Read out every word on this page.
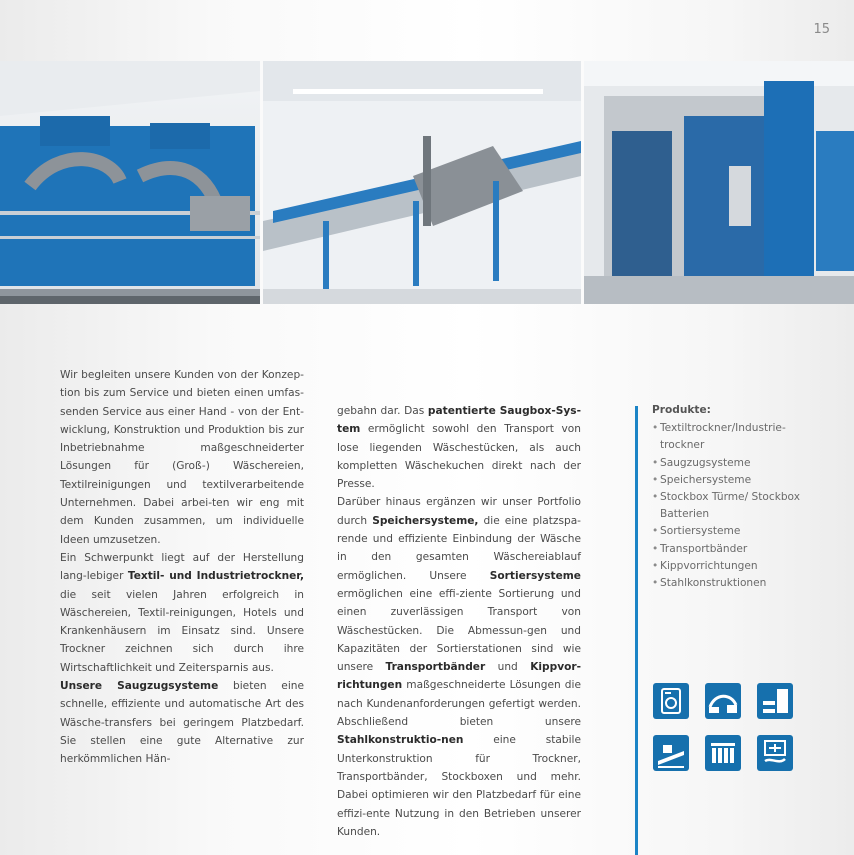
15

Wir begleiten unsere Kunden von der Konzep-tion bis zum Service und bieten einen umfas-senden Service aus einer Hand - von der Ent-wicklung, Konstruktion und Produktion bis zur Inbetriebnahme maßgeschneiderter Lösungen für (Groß-) Wäschereien, Textilreinigungen und textilverarbeitende Unternehmen. Dabei arbei-ten wir eng mit dem Kunden zusammen, um individuelle Ideen umzusetzen.

Ein Schwerpunkt liegt auf der Herstellung lang-lebiger Textil- und Industrietrockner, die seit vielen Jahren erfolgreich in Wäschereien, Textil-reinigungen, Hotels und Krankenhäusern im Einsatz sind. Unsere Trockner zeichnen sich durch ihre Wirtschaftlichkeit und Zeitersparnis aus.

Unsere Saugzugsysteme bieten eine schnelle, effiziente und automatische Art des Wäsche-transfers bei geringem Platzbedarf. Sie stellen eine gute Alternative zur herkömmlichen Hän-

gebahn dar. Das patentierte Saugbox-Sys-tem ermöglicht sowohl den Transport von lose liegenden Wäschestücken, als auch kompletten Wäschekuchen direkt nach der Presse.

Darüber hinaus ergänzen wir unser Portfolio durch Speichersysteme, die eine platzspa-rende und effiziente Einbindung der Wäsche in den gesamten Wäschereiablauf ermöglichen. Unsere Sortiersysteme ermöglichen eine effi-ziente Sortierung und einen zuverlässigen Transport von Wäschestücken. Die Abmessun-gen und Kapazitäten der Sortierstationen sind wie unsere Transportbänder und Kippvor-richtungen maßgeschneiderte Lösungen die nach Kundenanforderungen gefertigt werden. Abschließend bieten unsere Stahlkonstruktio-nen eine stabile Unterkonstruktion für Trockner, Transportbänder, Stockboxen und mehr. Dabei optimieren wir den Platzbedarf für eine effizi-ente Nutzung in den Betrieben unserer Kunden.

Produkte:
• Textiltrockner/Industrie-trockner
• Saugzugsysteme
• Speichersysteme
• Stockbox Türme/ Stockbox Batterien
• Sortiersysteme
• Transportbänder
• Kippvorrichtungen
• Stahlkonstruktionen
